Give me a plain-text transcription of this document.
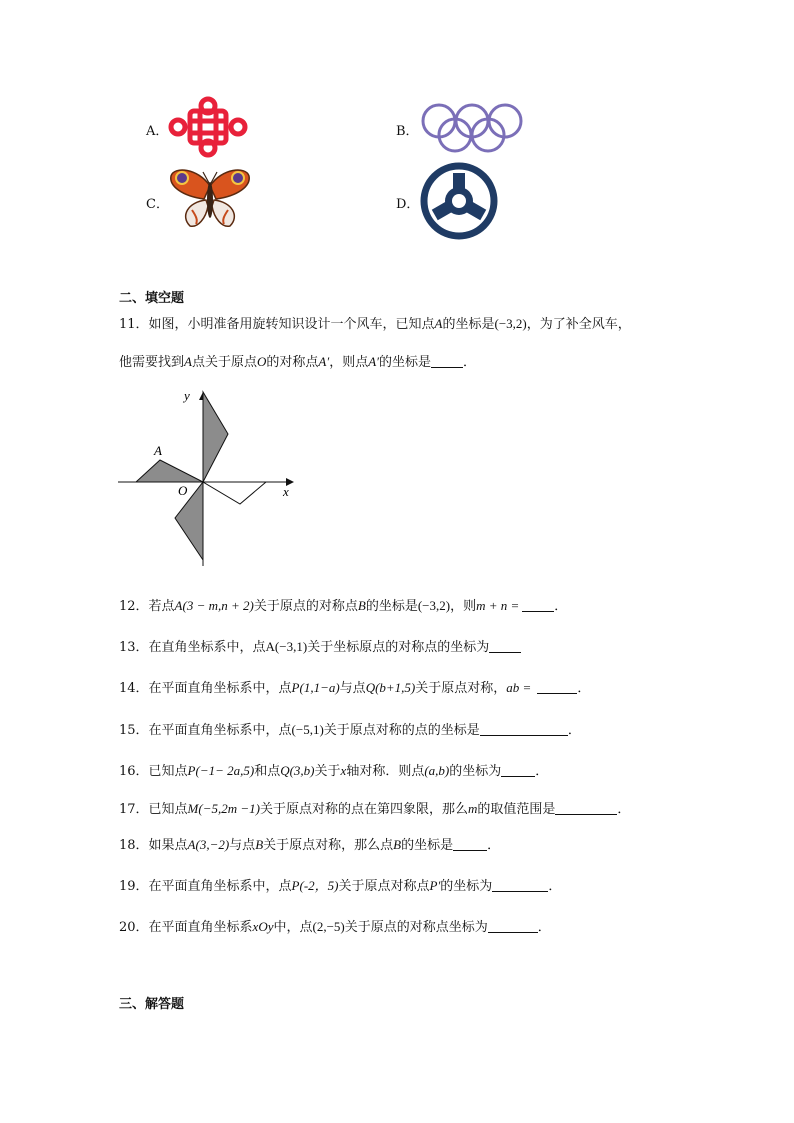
A．	B．
C．	D．
二、填空题
11．如图，小明准备用旋转知识设计一个风车，已知点A的坐标是(−3,2)，为了补全风车，
他需要找到A点关于原点O的对称点A′，则点A′的坐标是 ．
y
x
O
A
12．若点A(3 − m,n + 2)关于原点的对称点B的坐标是(−3,2)，则m + n =	．
13．在直角坐标系中，点A(−3,1)关于坐标原点的对称点的坐标为
14．在平面直角坐标系中，点P(1,1−a)与点Q(b+1,5)关于原点对称，ab =	．
15．在平面直角坐标系中，点(−5,1)关于原点对称的点的坐标是	．
16．已知点P(−1− 2a,5)和点Q(3,b)关于x轴对称．则点(a,b)的坐标为	．
17．已知点M(−5,2m −1)关于原点对称的点在第四象限，那么m的取值范围是	．
18．如果点A(3,−2)与点B关于原点对称，那么点B的坐标是	．
19．在平面直角坐标系中，点P(-2，5)关于原点对称点P′的坐标为	．
20．在平面直角坐标系xOy中，点(2,−5)关于原点的对称点坐标为	．
三、解答题
